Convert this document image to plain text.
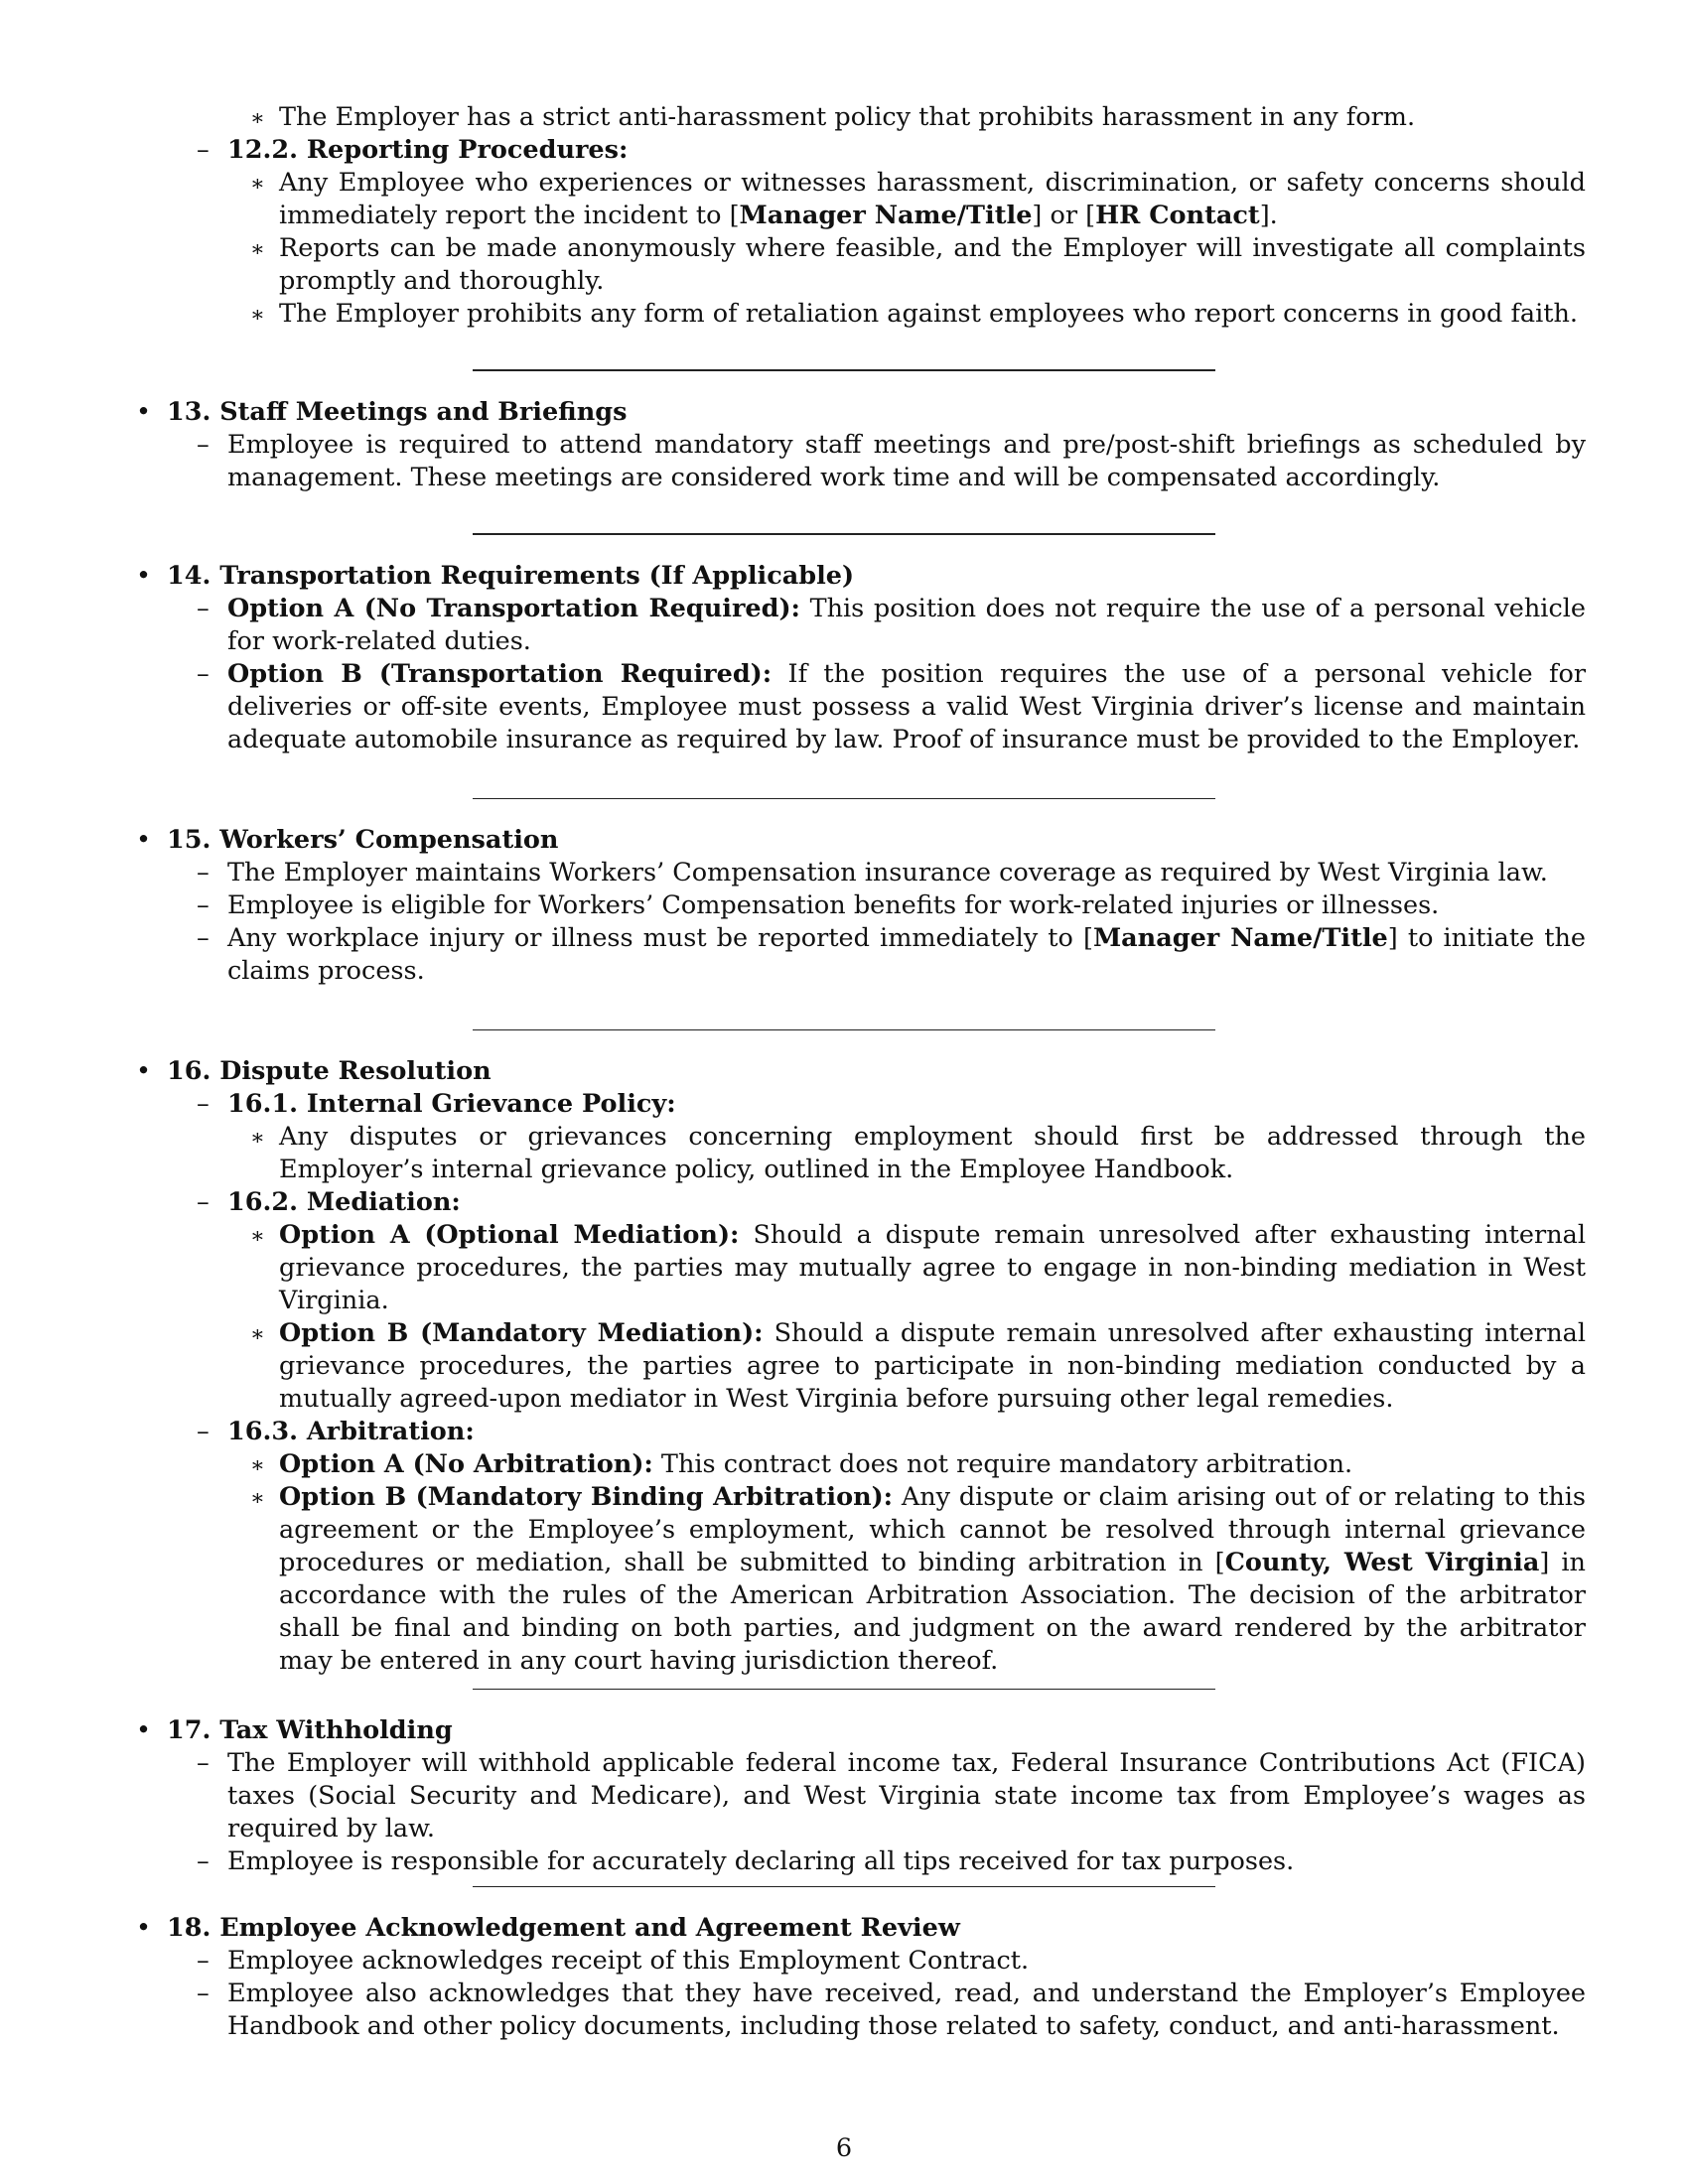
∗ The Employer has a strict anti-harassment policy that prohibits harassment in any form.

– 12.2. Reporting Procedures:

∗ Any Employee who experiences or witnesses harassment, discrimination, or safety concerns should immediately report the incident to [Manager Name/Title] or [HR Contact].

∗ Reports can be made anonymously where feasible, and the Employer will investigate all complaints promptly and thoroughly.

∗ The Employer prohibits any form of retaliation against employees who report concerns in good faith.

• 13. Staff Meetings and Briefings

– Employee is required to attend mandatory staff meetings and pre/post-shift briefings as scheduled by management. These meetings are considered work time and will be compensated accordingly.

• 14. Transportation Requirements (If Applicable)

– Option A (No Transportation Required): This position does not require the use of a personal vehicle for work-related duties.

– Option B (Transportation Required): If the position requires the use of a personal vehicle for deliveries or off-site events, Employee must possess a valid West Virginia driver’s license and maintain adequate automobile insurance as required by law. Proof of insurance must be provided to the Employer.

• 15. Workers’ Compensation

– The Employer maintains Workers’ Compensation insurance coverage as required by West Virginia law.

– Employee is eligible for Workers’ Compensation benefits for work-related injuries or illnesses.

– Any workplace injury or illness must be reported immediately to [Manager Name/Title] to initiate the claims process.

• 16. Dispute Resolution

– 16.1. Internal Grievance Policy:

∗ Any disputes or grievances concerning employment should first be addressed through the Employer’s internal grievance policy, outlined in the Employee Handbook.

– 16.2. Mediation:

∗ Option A (Optional Mediation): Should a dispute remain unresolved after exhausting internal grievance procedures, the parties may mutually agree to engage in non-binding mediation in West Virginia.

∗ Option B (Mandatory Mediation): Should a dispute remain unresolved after exhausting internal grievance procedures, the parties agree to participate in non-binding mediation conducted by a mutually agreed-upon mediator in West Virginia before pursuing other legal remedies.

– 16.3. Arbitration:

∗ Option A (No Arbitration): This contract does not require mandatory arbitration.

∗ Option B (Mandatory Binding Arbitration): Any dispute or claim arising out of or relating to this agreement or the Employee’s employment, which cannot be resolved through internal grievance procedures or mediation, shall be submitted to binding arbitration in [County, West Virginia] in accordance with the rules of the American Arbitration Association. The decision of the arbitrator shall be final and binding on both parties, and judgment on the award rendered by the arbitrator may be entered in any court having jurisdiction thereof.

• 17. Tax Withholding

– The Employer will withhold applicable federal income tax, Federal Insurance Contributions Act (FICA) taxes (Social Security and Medicare), and West Virginia state income tax from Employee’s wages as required by law.

– Employee is responsible for accurately declaring all tips received for tax purposes.

• 18. Employee Acknowledgement and Agreement Review

– Employee acknowledges receipt of this Employment Contract.

– Employee also acknowledges that they have received, read, and understand the Employer’s Employee Handbook and other policy documents, including those related to safety, conduct, and anti-harassment.

6
